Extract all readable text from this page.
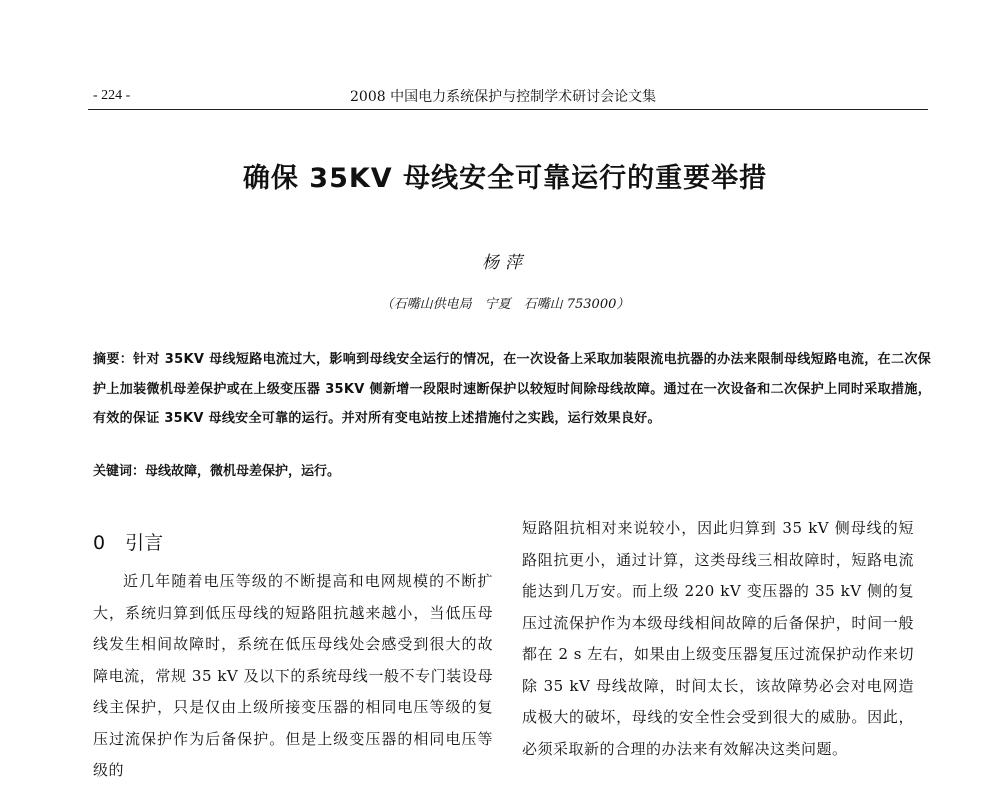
- 224 -	2008 中国电力系统保护与控制学术研讨会论文集
确保 35KV 母线安全可靠运行的重要举措
杨萍
（石嘴山供电局　宁夏　石嘴山 753000）
摘要：针对 35KV 母线短路电流过大，影响到母线安全运行的情况，在一次设备上采取加装限流电抗器的办法来限制母线短路电流，在二次保护上加装微机母差保护或在上级变压器 35KV 侧新增一段限时速断保护以较短时间除母线故障。通过在一次设备和二次保护上同时采取措施，有效的保证 35KV 母线安全可靠的运行。并对所有变电站按上述措施付之实践，运行效果良好。
关键词：母线故障，微机母差保护，运行。
0 引言
近几年随着电压等级的不断提高和电网规模的不断扩大，系统归算到低压母线的短路阻抗越来越小，当低压母线发生相间故障时，系统在低压母线处会感受到很大的故障电流，常规 35 kV 及以下的系统母线一般不专门装设母线主保护，只是仅由上级所接变压器的相同电压等级的复压过流保护作为后备保护。但是上级变压器的相同电压等级的
短路阻抗相对来说较小，因此归算到 35 kV 侧母线的短路阻抗更小，通过计算，这类母线三相故障时，短路电流能达到几万安。而上级 220 kV 变压器的 35 kV 侧的复压过流保护作为本级母线相间故障的后备保护，时间一般都在 2 s 左右，如果由上级变压器复压过流保护动作来切除 35 kV 母线故障，时间太长，该故障势必会对电网造成极大的破坏，母线的安全性会受到很大的威胁。因此，必须采取新的合理的办法来有效解决这类问题。
